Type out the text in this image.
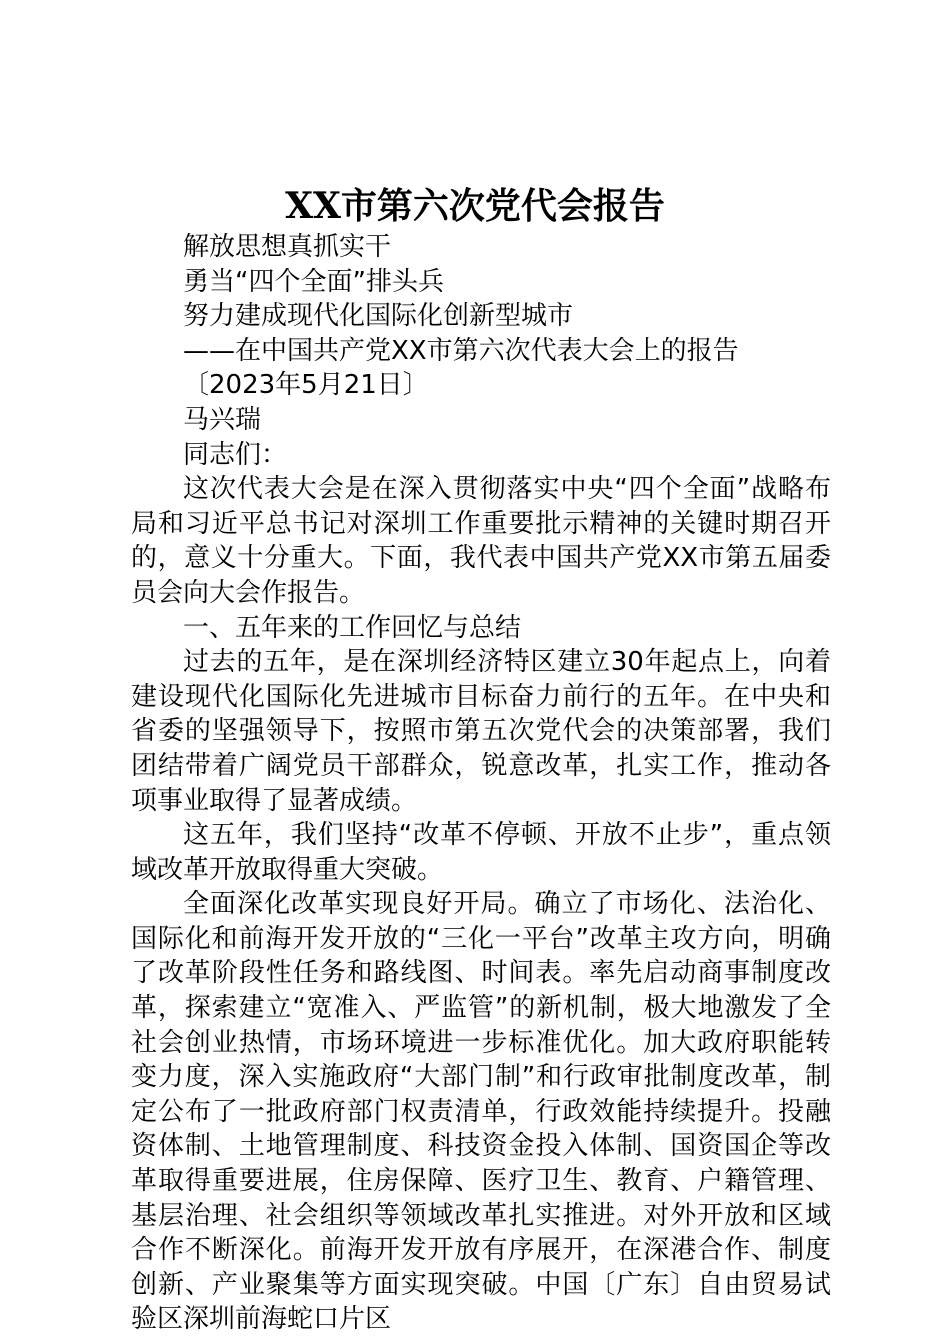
XX市第六次党代会报告

解放思想真抓实干

勇当“四个全面”排头兵

努力建成现代化国际化创新型城市

——在中国共产党XX市第六次代表大会上的报告

〔2023年5月21日〕

马兴瑞

同志们：

这次代表大会是在深入贯彻落实中央“四个全面”战略布局和习近平总书记对深圳工作重要批示精神的关键时期召开的，意义十分重大。下面，我代表中国共产党XX市第五届委员会向大会作报告。

一、五年来的工作回忆与总结

过去的五年，是在深圳经济特区建立30年起点上，向着建设现代化国际化先进城市目标奋力前行的五年。在中央和省委的坚强领导下，按照市第五次党代会的决策部署，我们团结带着广阔党员干部群众，锐意改革，扎实工作，推动各项事业取得了显著成绩。

这五年，我们坚持“改革不停顿、开放不止步”，重点领域改革开放取得重大突破。

全面深化改革实现良好开局。确立了市场化、法治化、国际化和前海开发开放的“三化一平台”改革主攻方向，明确了改革阶段性任务和路线图、时间表。率先启动商事制度改革，探索建立“宽准入、严监管”的新机制，极大地激发了全社会创业热情，市场环境进一步标准优化。加大政府职能转变力度，深入实施政府“大部门制”和行政审批制度改革，制定公布了一批政府部门权责清单，行政效能持续提升。投融资体制、土地管理制度、科技资金投入体制、国资国企等改革取得重要进展，住房保障、医疗卫生、教育、户籍管理、基层治理、社会组织等领域改革扎实推进。对外开放和区域合作不断深化。前海开发开放有序展开，在深港合作、制度创新、产业聚集等方面实现突破。中国〔广东〕自由贸易试验区深圳前海蛇口片区
